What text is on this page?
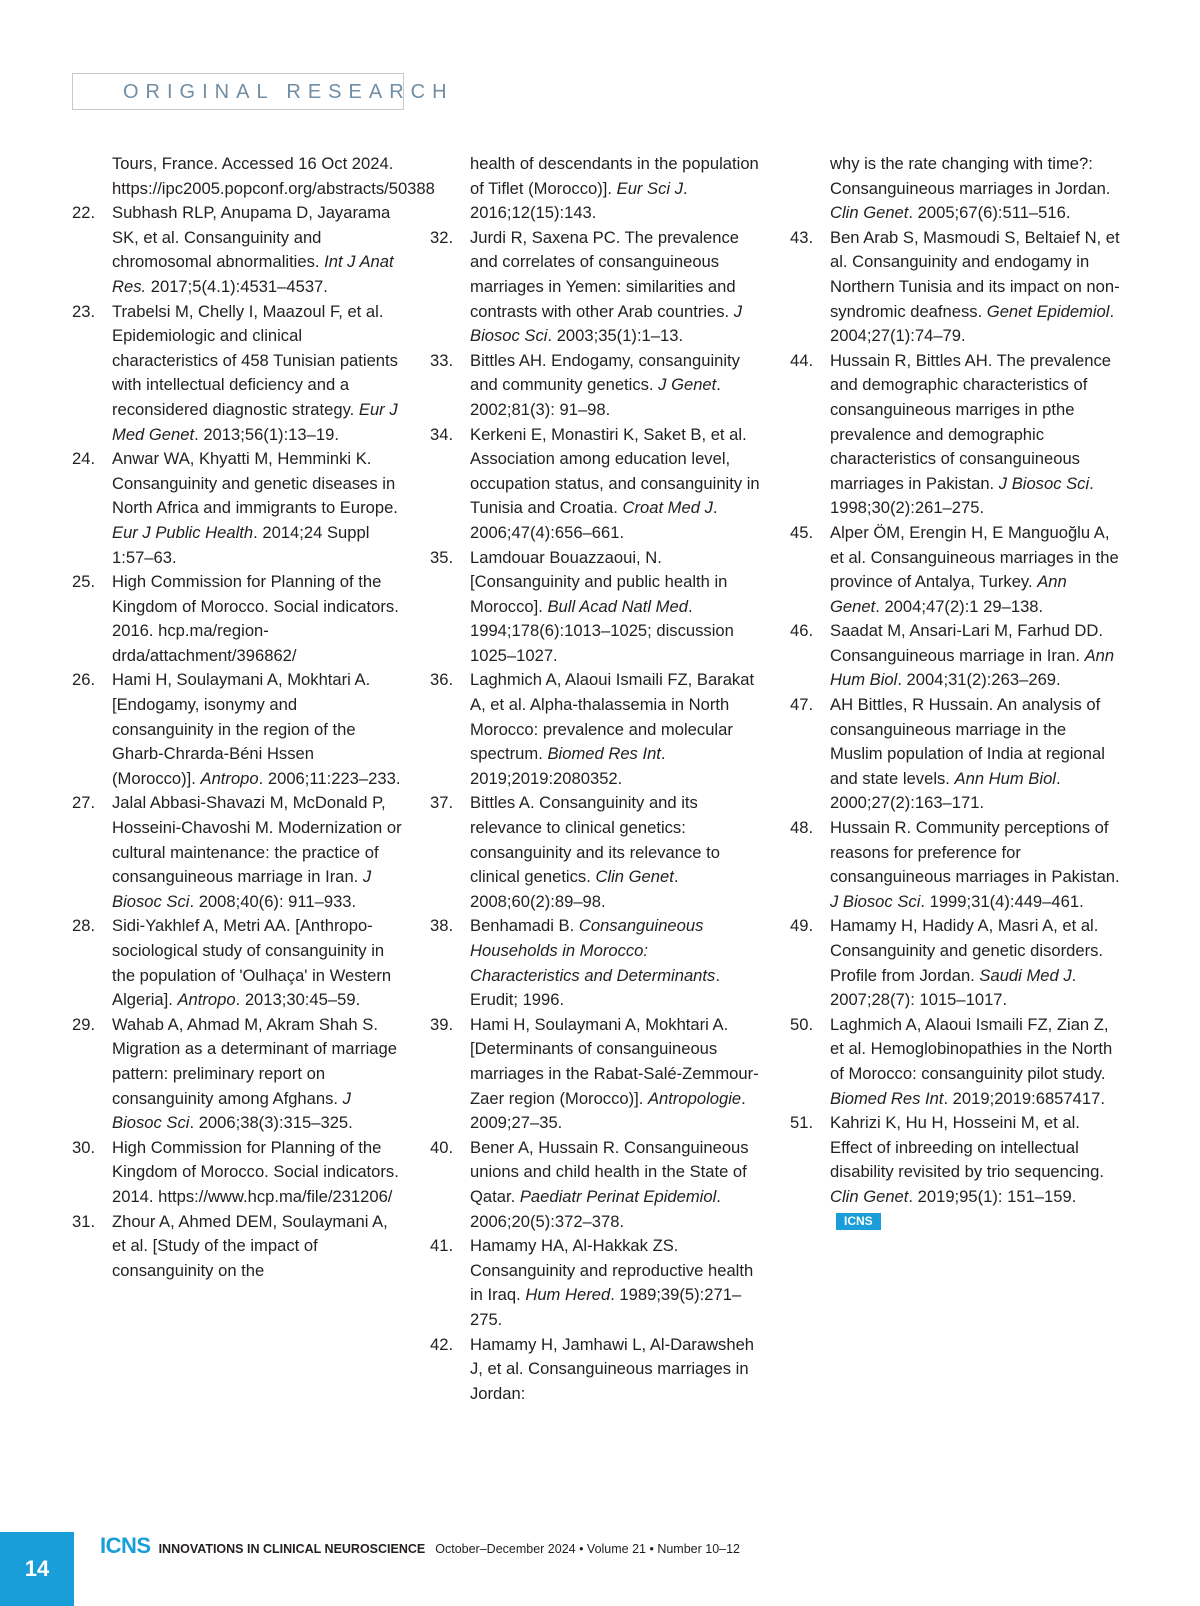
ORIGINAL RESEARCH
Tours, France. Accessed 16 Oct 2024. https://ipc2005.popconf.org/abstracts/50388
22. Subhash RLP, Anupama D, Jayarama SK, et al. Consanguinity and chromosomal abnormalities. Int J Anat Res. 2017;5(4.1):4531–4537.
23. Trabelsi M, Chelly I, Maazoul F, et al. Epidemiologic and clinical characteristics of 458 Tunisian patients with intellectual deficiency and a reconsidered diagnostic strategy. Eur J Med Genet. 2013;56(1):13–19.
24. Anwar WA, Khyatti M, Hemminki K. Consanguinity and genetic diseases in North Africa and immigrants to Europe. Eur J Public Health. 2014;24 Suppl 1:57–63.
25. High Commission for Planning of the Kingdom of Morocco. Social indicators. 2016. hcp.ma/region-drda/attachment/396862/
26. Hami H, Soulaymani A, Mokhtari A. [Endogamy, isonymy and consanguinity in the region of the Gharb-Chrarda-Béni Hssen (Morocco)]. Antropo. 2006;11:223–233.
27. Jalal Abbasi-Shavazi M, McDonald P, Hosseini-Chavoshi M. Modernization or cultural maintenance: the practice of consanguineous marriage in Iran. J Biosoc Sci. 2008;40(6): 911–933.
28. Sidi-Yakhlef A, Metri AA. [Anthropo-sociological study of consanguinity in the population of 'Oulhaça' in Western Algeria]. Antropo. 2013;30:45–59.
29. Wahab A, Ahmad M, Akram Shah S. Migration as a determinant of marriage pattern: preliminary report on consanguinity among Afghans. J Biosoc Sci. 2006;38(3):315–325.
30. High Commission for Planning of the Kingdom of Morocco. Social indicators. 2014. https://www.hcp.ma/file/231206/
31. Zhour A, Ahmed DEM, Soulaymani A, et al. [Study of the impact of consanguinity on the
health of descendants in the population of Tiflet (Morocco)]. Eur Sci J. 2016;12(15):143.
32. Jurdi R, Saxena PC. The prevalence and correlates of consanguineous marriages in Yemen: similarities and contrasts with other Arab countries. J Biosoc Sci. 2003;35(1):1–13.
33. Bittles AH. Endogamy, consanguinity and community genetics. J Genet. 2002;81(3): 91–98.
34. Kerkeni E, Monastiri K, Saket B, et al. Association among education level, occupation status, and consanguinity in Tunisia and Croatia. Croat Med J. 2006;47(4):656–661.
35. Lamdouar Bouazzaoui, N. [Consanguinity and public health in Morocco]. Bull Acad Natl Med. 1994;178(6):1013–1025; discussion 1025–1027.
36. Laghmich A, Alaoui Ismaili FZ, Barakat A, et al. Alpha-thalassemia in North Morocco: prevalence and molecular spectrum. Biomed Res Int. 2019;2019:2080352.
37. Bittles A. Consanguinity and its relevance to clinical genetics: consanguinity and its relevance to clinical genetics. Clin Genet. 2008;60(2):89–98.
38. Benhamadi B. Consanguineous Households in Morocco: Characteristics and Determinants. Erudit; 1996.
39. Hami H, Soulaymani A, Mokhtari A. [Determinants of consanguineous marriages in the Rabat-Salé-Zemmour-Zaer region (Morocco)]. Antropologie. 2009;27–35.
40. Bener A, Hussain R. Consanguineous unions and child health in the State of Qatar. Paediatr Perinat Epidemiol. 2006;20(5):372–378.
41. Hamamy HA, Al-Hakkak ZS. Consanguinity and reproductive health in Iraq. Hum Hered. 1989;39(5):271–275.
42. Hamamy H, Jamhawi L, Al-Darawsheh J, et al. Consanguineous marriages in Jordan:
why is the rate changing with time?: Consanguineous marriages in Jordan. Clin Genet. 2005;67(6):511–516.
43. Ben Arab S, Masmoudi S, Beltaief N, et al. Consanguinity and endogamy in Northern Tunisia and its impact on non-syndromic deafness. Genet Epidemiol. 2004;27(1):74–79.
44. Hussain R, Bittles AH. The prevalence and demographic characteristics of consanguineous marriges in pthe prevalence and demographic characteristics of consanguineous marriages in Pakistan. J Biosoc Sci. 1998;30(2):261–275.
45. Alper ÖM, Erengin H, E Manguoğlu A, et al. Consanguineous marriages in the province of Antalya, Turkey. Ann Genet. 2004;47(2):1 29–138.
46. Saadat M, Ansari-Lari M, Farhud DD. Consanguineous marriage in Iran. Ann Hum Biol. 2004;31(2):263–269.
47. AH Bittles, R Hussain. An analysis of consanguineous marriage in the Muslim population of India at regional and state levels. Ann Hum Biol. 2000;27(2):163–171.
48. Hussain R. Community perceptions of reasons for preference for consanguineous marriages in Pakistan. J Biosoc Sci. 1999;31(4):449–461.
49. Hamamy H, Hadidy A, Masri A, et al. Consanguinity and genetic disorders. Profile from Jordan. Saudi Med J. 2007;28(7): 1015–1017.
50. Laghmich A, Alaoui Ismaili FZ, Zian Z, et al. Hemoglobinopathies in the North of Morocco: consanguinity pilot study. Biomed Res Int. 2019;2019:6857417.
51. Kahrizi K, Hu H, Hosseini M, et al. Effect of inbreeding on intellectual disability revisited by trio sequencing. Clin Genet. 2019;95(1): 151–159.ICNS
14
ICNS INNOVATIONS IN CLINICAL NEUROSCIENCE October–December 2024 • Volume 21 • Number 10–12
